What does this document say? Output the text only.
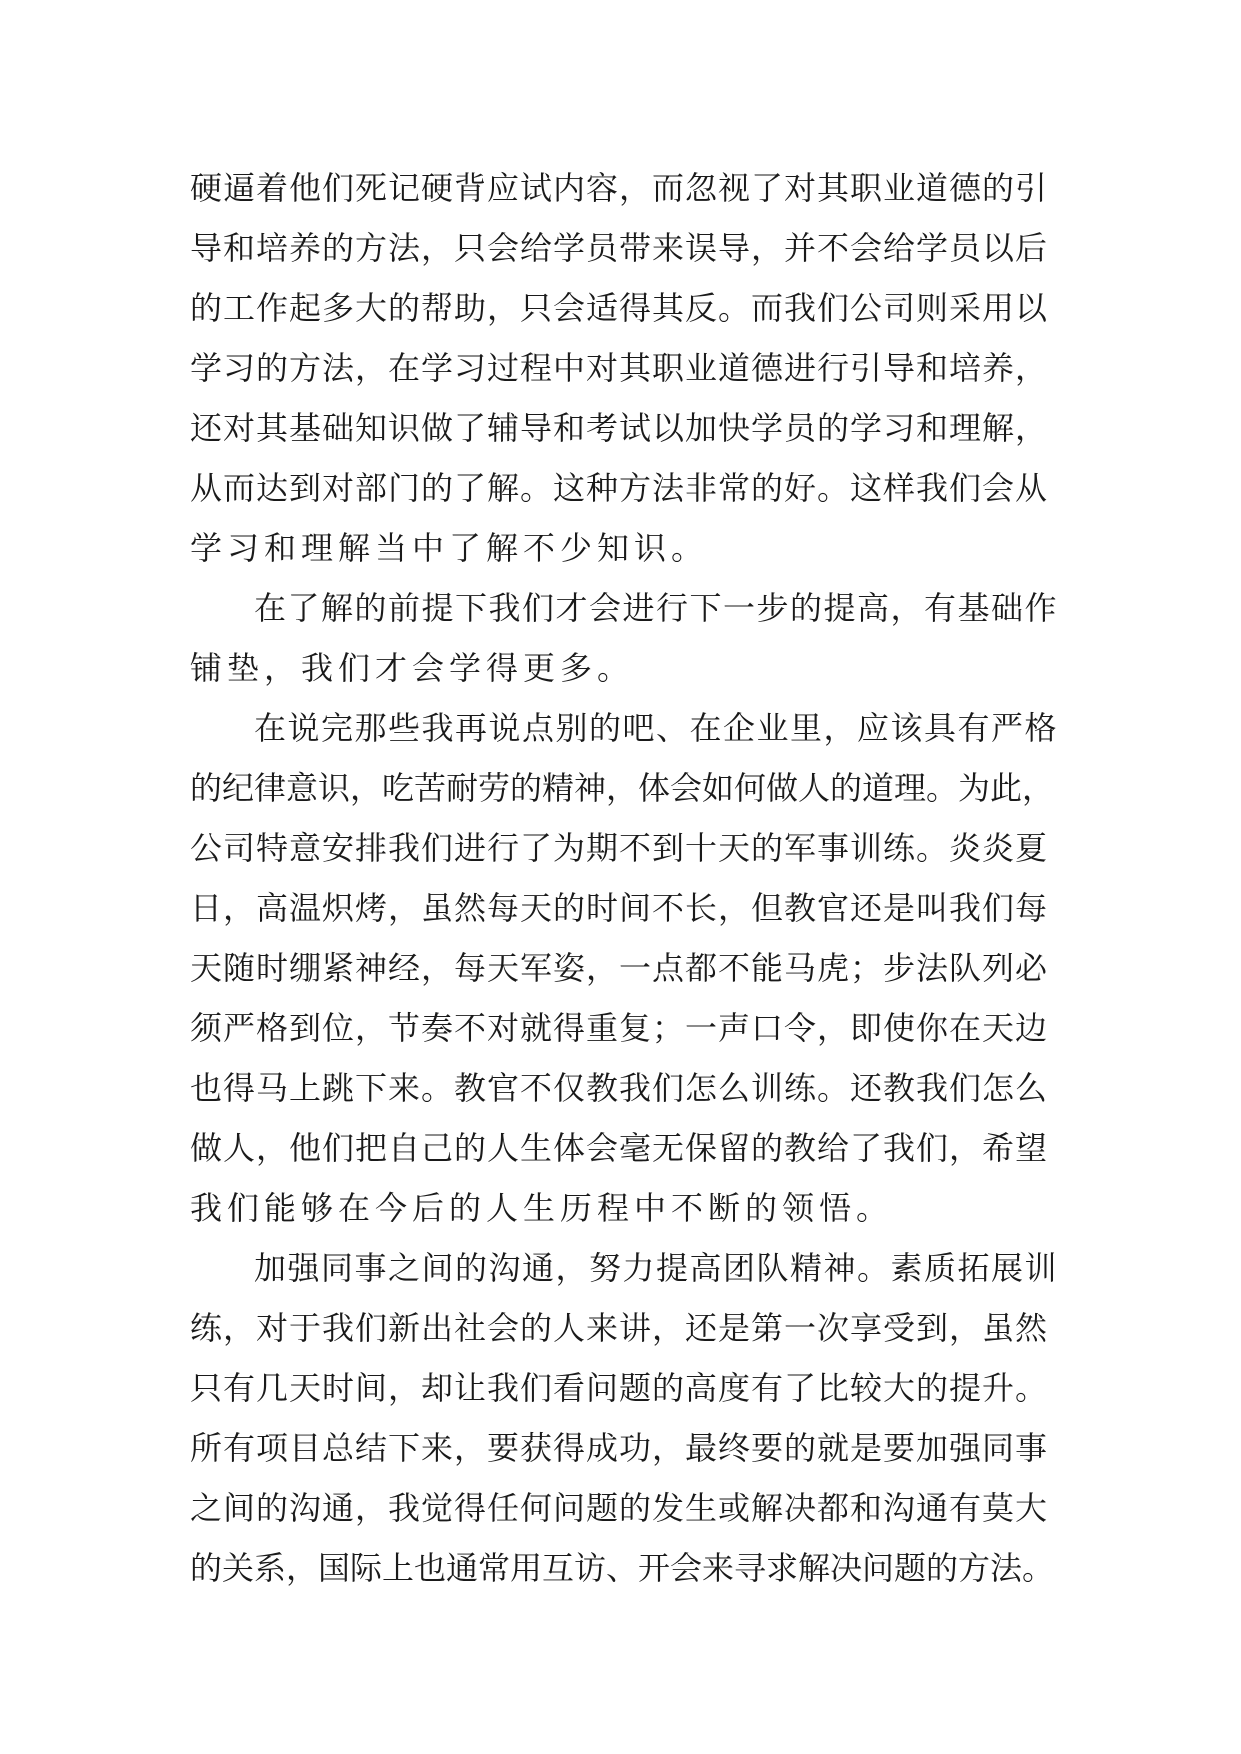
硬逼着他们死记硬背应试内容，而忽视了对其职业道德的引
导和培养的方法，只会给学员带来误导，并不会给学员以后
的工作起多大的帮助，只会适得其反。而我们公司则采用以
学习的方法，在学习过程中对其职业道德进行引导和培养，
还对其基础知识做了辅导和考试以加快学员的学习和理解，
从而达到对部门的了解。这种方法非常的好。这样我们会从
学习和理解当中了解不少知识。
在了解的前提下我们才会进行下一步的提高，有基础作
铺垫，我们才会学得更多。
在说完那些我再说点别的吧、在企业里，应该具有严格
的纪律意识，吃苦耐劳的精神，体会如何做人的道理。为此，
公司特意安排我们进行了为期不到十天的军事训练。炎炎夏
日，高温炽烤，虽然每天的时间不长，但教官还是叫我们每
天随时绷紧神经，每天军姿，一点都不能马虎；步法队列必
须严格到位，节奏不对就得重复；一声口令，即使你在天边
也得马上跳下来。教官不仅教我们怎么训练。还教我们怎么
做人，他们把自己的人生体会毫无保留的教给了我们，希望
我们能够在今后的人生历程中不断的领悟。
加强同事之间的沟通，努力提高团队精神。素质拓展训
练，对于我们新出社会的人来讲，还是第一次享受到，虽然
只有几天时间，却让我们看问题的高度有了比较大的提升。
所有项目总结下来，要获得成功，最终要的就是要加强同事
之间的沟通，我觉得任何问题的发生或解决都和沟通有莫大
的关系，国际上也通常用互访、开会来寻求解决问题的方法。
